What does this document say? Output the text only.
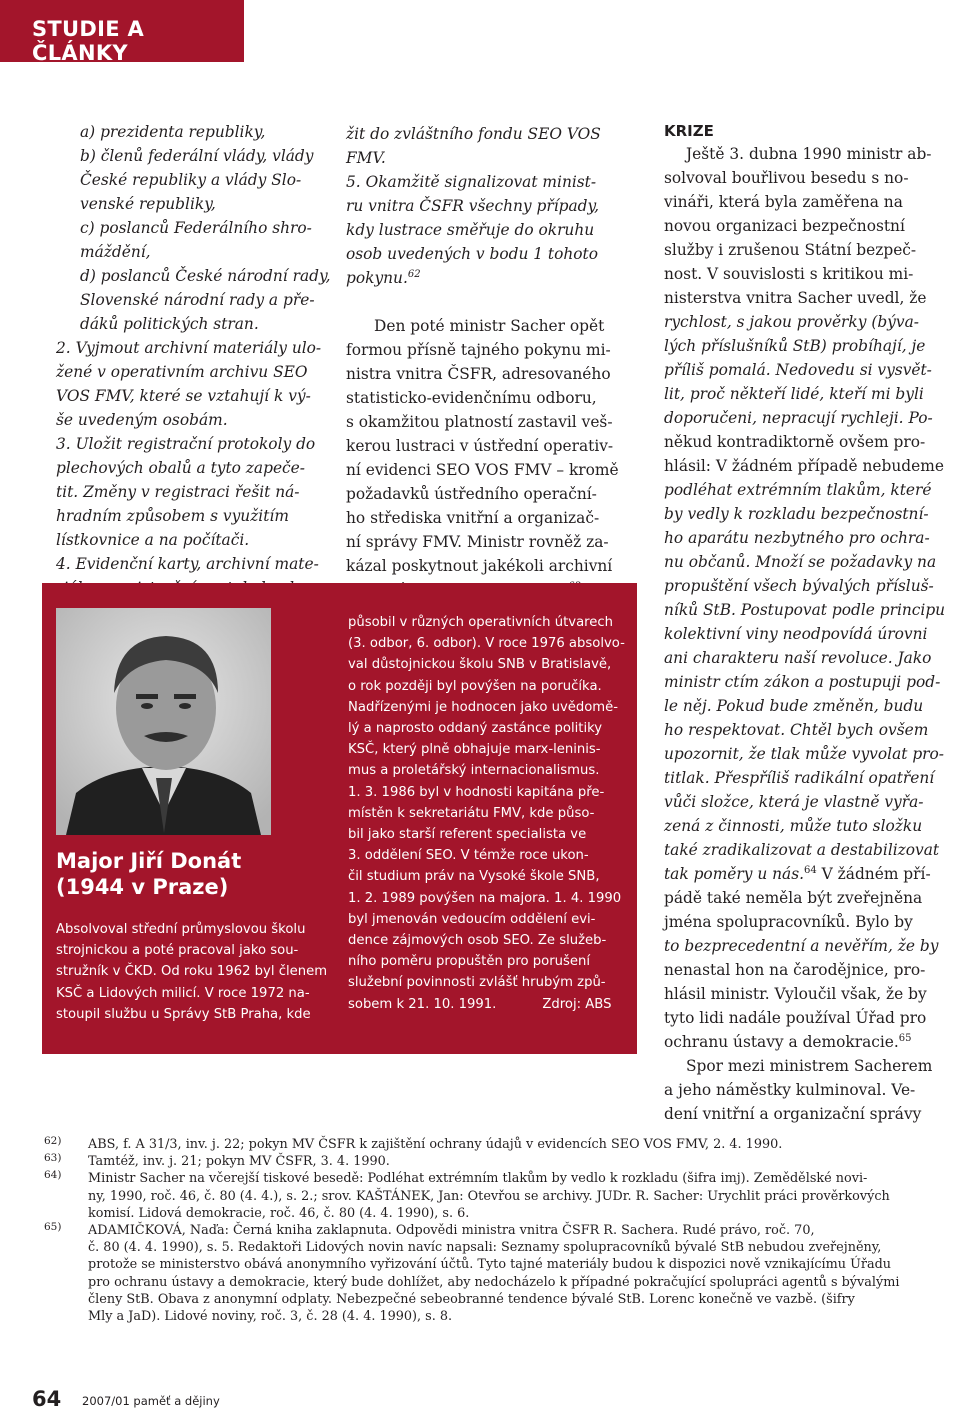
STUDIE A ČLÁNKY
a) prezidenta republiky,
b) členů federální vlády, vlády
České republiky a vlády Slo-
venské republiky,
c) poslanců Federálního shro-
máždění,
d) poslanců České národní rady,
Slovenské národní rady a pře-
dáků politických stran.
2. Vyjmout archivní materiály ulo-
žené v operativním archivu SEO
VOS FMV, které se vztahují k vý-
še uvedeným osobám.
3. Uložit registrační protokoly do
plechových obalů a tyto zapeče-
tit. Změny v registraci řešit ná-
hradním způsobem s využitím
lístkovnice a na počítači.
4. Evidenční karty, archivní mate-
žit do zvláštního fondu SEO VOS
FMV.
5. Okamžitě signalizovat minist-
ru vnitra ČSFR všechny případy,
kdy lustrace směřuje do okruhu
osob uvedených v bodu 1 tohoto
pokynu.$^{62}$
Den poté ministr Sacher opět
formou přísně tajného pokynu mi-
nistra vnitra ČSFR, adresovaného
statisticko-evidenčnímu odboru,
s okamžitou platností zastavil veš-
kerou lustraci v ústřední operativ-
ní evidenci SEO VOS FMV – kromě
požadavků ústředního operační-
ho střediska vnitřní a organizač-
ní správy FMV. Ministr rovněž za-
kázal poskytnout jakékoli archivní
Major Jiří Donát
(1944 v Praze)
Absolvoval střední průmyslovou školu
strojnickou a poté pracoval jako sou-
stružník v ČKD. Od roku 1962 byl členem
KSČ a Lidových milicí. V roce 1972 na-
stoupil službu u Správy StB Praha, kde
působil v různých operativních útvarech
(3. odbor, 6. odbor). V roce 1976 absolvo-
val důstojnickou školu SNB v Bratislavě,
o rok později byl povýšen na poručíka.
Nadřízenými je hodnocen jako uvědomě-
lý a naprosto oddaný zastánce politiky
KSČ, který plně obhajuje marx-leninis-
mus a proletářský internacionalismus.
1. 3. 1986 byl v hodnosti kapitána pře-
místěn k sekretariátu FMV, kde půso-
bil jako starší referent specialista ve
3. oddělení SEO. V témže roce ukon-
čil studium práv na Vysoké škole SNB,
1. 2. 1989 povýšen na majora. 1. 4. 1990
byl jmenován vedoucím oddělení evi-
dence zájmových osob SEO. Ze služeb-
ního poměru propuštěn pro porušení
služební povinnosti zvlášť hrubým způ-
sobem k 21. 10. 1991.	Zdroj: ABS
KRIZE
Ještě 3. dubna 1990 ministr ab-
solvoval bouřlivou besedu s no-
vináři, která byla zaměřena na
novou organizaci bezpečnostní
služby i zrušenou Státní bezpeč-
nost. V souvislosti s kritikou mi-
nisterstva vnitra Sacher uvedl, že
rychlost, s jakou prověrky (býva-
lých příslušníků StB) probíhají, je
příliš pomalá. Nedovedu si vysvět-
lit, proč někteří lidé, kteří mi byli
doporučeni, nepracují rychleji. Po-
někud kontradiktorně ovšem pro-
hlásil: V žádném případě nebudeme
podléhat extrémním tlakům, které
by vedly k rozkladu bezpečnostní-
ho aparátu nezbytného pro ochra-
nu občanů. Množí se požadavky na
propuštění všech bývalých přísluš-
níků StB. Postupovat podle principu
kolektivní viny neodpovídá úrovni
ani charakteru naší revoluce. Jako
ministr ctím zákon a postupuji pod-
le něj. Pokud bude změněn, budu
ho respektovat. Chtěl bych ovšem
upozornit, že tlak může vyvolat pro-
titlak. Přespříliš radikální opatření
vůči složce, která je vlastně vyřa-
zená z činnosti, může tuto složku
také zradikalizovat a destabilizovat
tak poměry u nás.$^{64}$ V žádném pří-
pádě také neměla být zveřejněna
jména spolupracovníků. Bylo by
to bezprecedentní a nevěřím, že by
nenastal hon na čarodějnice, pro-
hlásil ministr. Vyloučil však, že by
tyto lidi nadále používal Úřad pro
ochranu ústavy a demokracie.$^{65}$
Spor mezi ministrem Sacherem
a jeho náměstky kulminoval. Ve-
dení vnitřní a organizační správy
62) ABS, f. A 31/3, inv. j. 22; pokyn MV ČSFR k zajištění ochrany údajů v evidencích SEO VOS FMV, 2. 4. 1990.
63) Tamtéž, inv. j. 21; pokyn MV ČSFR, 3. 4. 1990.
64) Ministr Sacher na včerejší tiskové besedě: Podléhat extrémním tlakům by vedlo k rozkladu (šifra imj). Zemědělské novi-
ny, 1990, roč. 46, č. 80 (4. 4.), s. 2.; srov. KAŠTÁNEK, Jan: Otevřou se archivy. JUDr. R. Sacher: Urychlit práci prověrkových
komisí. Lidová demokracie, roč. 46, č. 80 (4. 4. 1990), s. 6.
65) ADAMIČKOVÁ, Naďa: Černá kniha zaklapnuta. Odpovědi ministra vnitra ČSFR R. Sachera. Rudé právo, roč. 70,
č. 80 (4. 4. 1990), s. 5. Redaktoři Lidových novin navíc napsali: Seznamy spolupracovníků bývalé StB nebudou zveřejněny,
protože se ministerstvo obává anonymního vyřizování účtů. Tyto tajné materiály budou k dispozici nově vznikajícímu Úřadu
pro ochranu ústavy a demokracie, který bude dohlížet, aby nedocházelo k případné pokračující spolupráci agentů s bývalými
členy StB. Obava z anonymní odplaty. Nebezpečné sebeobranné tendence bývalé StB. Lorenc konečně ve vazbě. (šifry
Mly a JaD). Lidové noviny, roč. 3, č. 28 (4. 4. 1990), s. 8.
64 2007/01 paměť a dějiny
